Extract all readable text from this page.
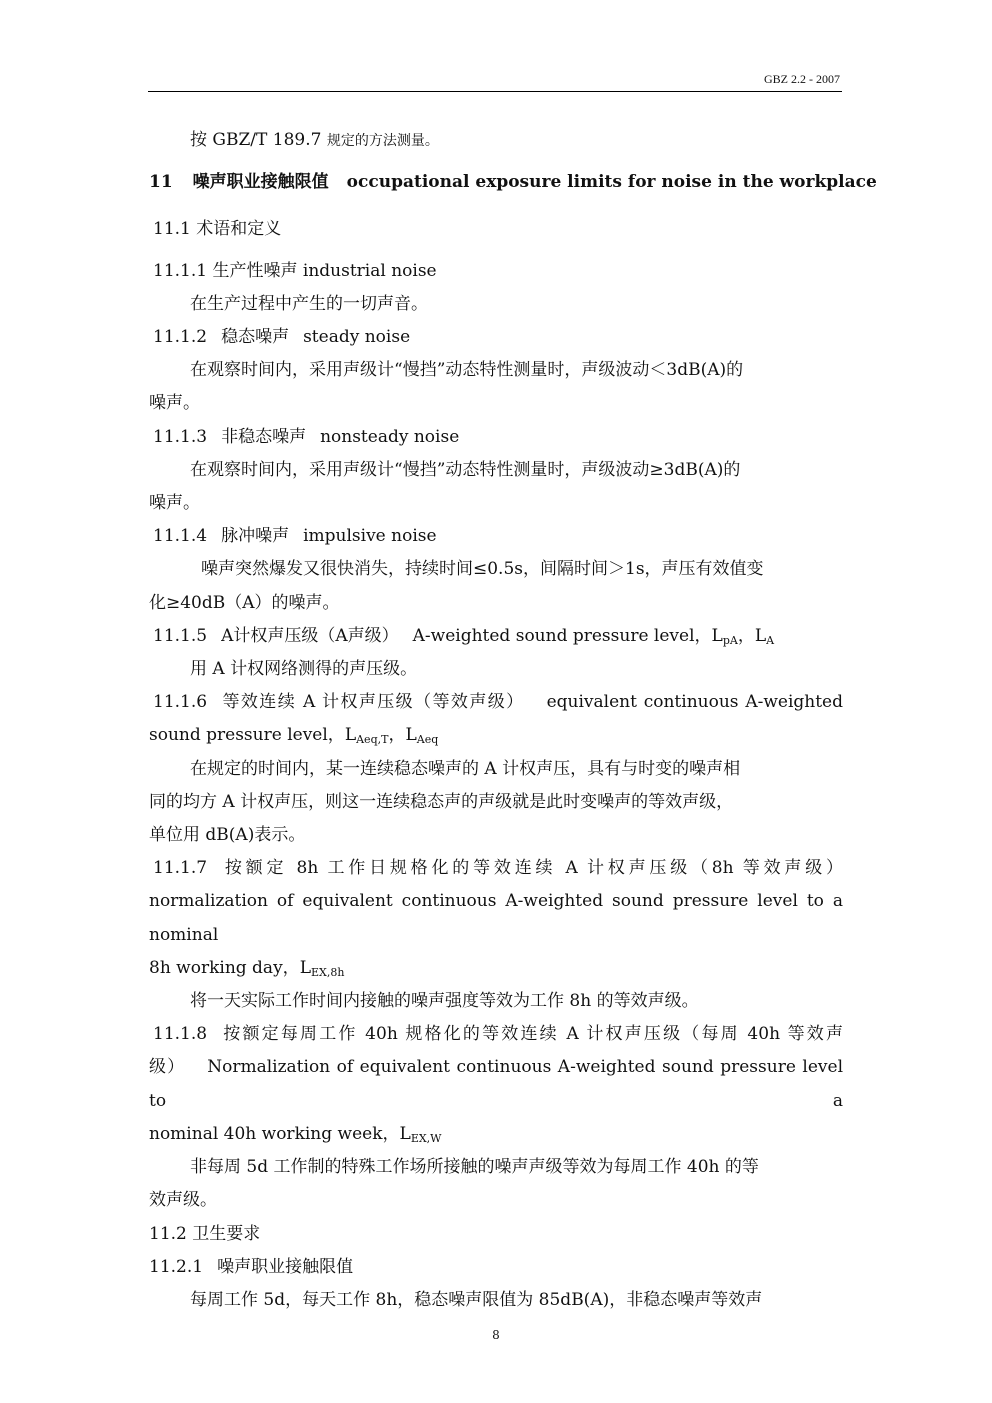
GBZ 2.2 - 2007

按 GBZ/T 189.7 规定的方法测量。

11 噪声职业接触限值 occupational exposure limits for noise in the workplace

11.1 术语和定义

11.1.1 生产性噪声 industrial noise

在生产过程中产生的一切声音。

11.1.2 稳态噪声 steady noise

在观察时间内，采用声级计“慢挡”动态特性测量时，声级波动＜3dB(A)的

噪声。

11.1.3 非稳态噪声 nonsteady noise

在观察时间内，采用声级计“慢挡”动态特性测量时，声级波动≥3dB(A)的

噪声。

11.1.4 脉冲噪声 impulsive noise

噪声突然爆发又很快消失，持续时间≤0.5s，间隔时间＞1s，声压有效值变

化≥40dB（A）的噪声。

11.1.5 A计权声压级（A声级） A-weighted sound pressure level，$L_{pA}$，$L_A$

用 A 计权网络测得的声压级。

11.1.6 等效连续 A 计权声压级（等效声级） equivalent continuous A-weighted

sound pressure level，$L_{Aeq,T}$，$L_{Aeq}$

在规定的时间内，某一连续稳态噪声的 A 计权声压，具有与时变的噪声相

同的均方 A 计权声压，则这一连续稳态声的声级就是此时变噪声的等效声级，

单位用 dB(A)表示。

11.1.7 按额定 8h 工作日规格化的等效连续 A 计权声压级（8h 等效声级）

normalization of equivalent continuous A-weighted sound pressure level to a nominal

8h working day，$L_{EX,8h}$

将一天实际工作时间内接触的噪声强度等效为工作 8h 的等效声级。

11.1.8 按额定每周工作 40h 规格化的等效连续 A 计权声压级（每周 40h 等效声

级） Normalization of equivalent continuous A-weighted sound pressure level to a

nominal 40h working week，$L_{EX,W}$

非每周 5d 工作制的特殊工作场所接触的噪声声级等效为每周工作 40h 的等

效声级。

11.2 卫生要求

11.2.1 噪声职业接触限值

每周工作 5d，每天工作 8h，稳态噪声限值为 85dB(A)，非稳态噪声等效声

8
